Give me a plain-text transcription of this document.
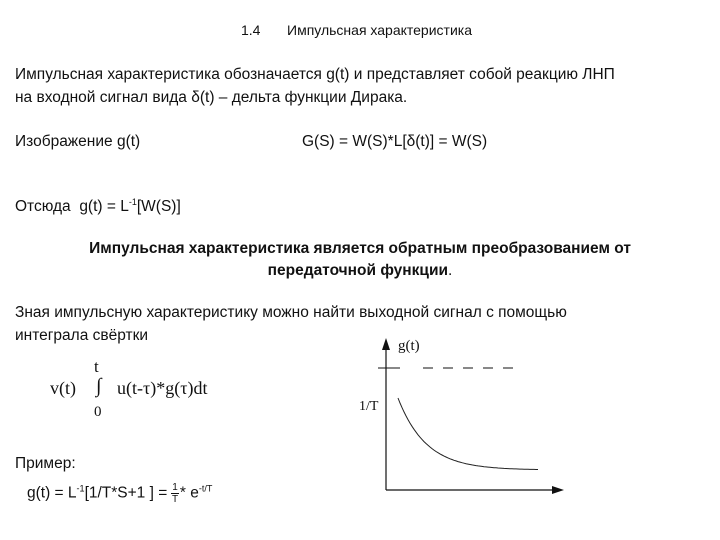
1.4 Импульсная характеристика
Импульсная характеристика обозначается g(t) и представляет собой реакцию ЛНП
на входной сигнал вида δ(t) – дельта функции Дирака.
Изображение g(t)	G(S) = W(S)*L[δ(t)] = W(S)
Отсюда $g(t) = L^{-1}[W(S)]$
Импульсная характеристика является обратным преобразованием от
передаточной функции.
Зная импульсную характеристику можно найти выходной сигнал с помощью
интеграла свёртки
t
v(t) ∫ u(t-τ)*g(τ)dt
0
Пример:
$g(t) = L^{-1}[1/T*S+1$ ] = $\frac{1}{T} * e^{-t/T}$
g(t)
1/T
